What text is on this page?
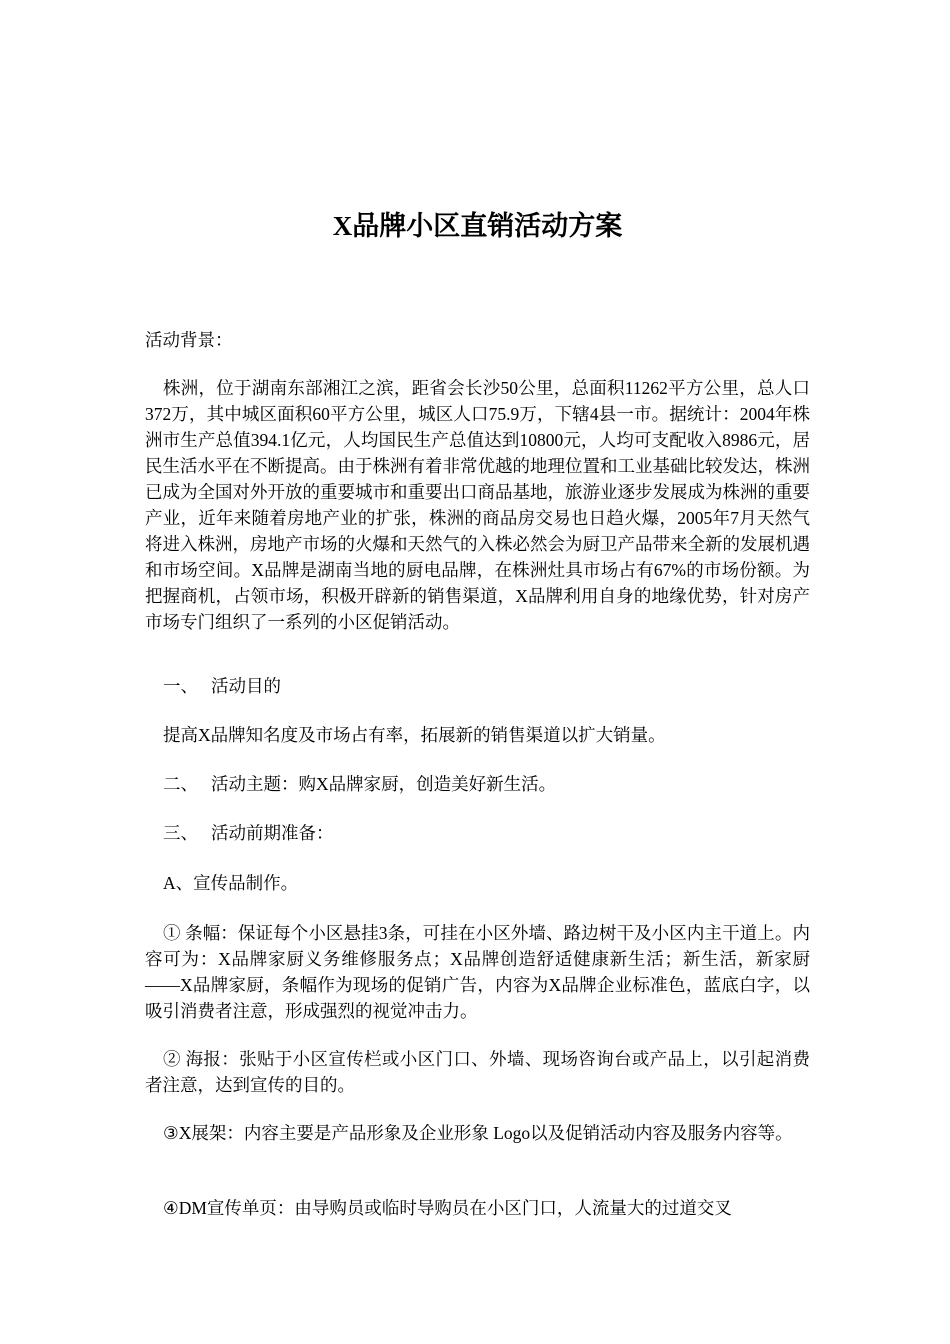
X品牌小区直销活动方案

活动背景：

株洲，位于湖南东部湘江之滨，距省会长沙50公里，总面积11262平方公里，总人口372万，其中城区面积60平方公里，城区人口75.9万，下辖4县一市。据统计：2004年株洲市生产总值394.1亿元，人均国民生产总值达到10800元，人均可支配收入8986元，居民生活水平在不断提高。由于株洲有着非常优越的地理位置和工业基础比较发达，株洲已成为全国对外开放的重要城市和重要出口商品基地，旅游业逐步发展成为株洲的重要产业，近年来随着房地产业的扩张，株洲的商品房交易也日趋火爆，2005年7月天然气将进入株洲，房地产市场的火爆和天然气的入株必然会为厨卫产品带来全新的发展机遇和市场空间。X品牌是湖南当地的厨电品牌，在株洲灶具市场占有67%的市场份额。为把握商机，占领市场，积极开辟新的销售渠道，X品牌利用自身的地缘优势，针对房产市场专门组织了一系列的小区促销活动。

一、 活动目的

提高X品牌知名度及市场占有率，拓展新的销售渠道以扩大销量。

二、 活动主题：购X品牌家厨，创造美好新生活。

三、 活动前期准备：

A、宣传品制作。

① 条幅：保证每个小区悬挂3条，可挂在小区外墙、路边树干及小区内主干道上。内容可为：X品牌家厨义务维修服务点；X品牌创造舒适健康新生活；新生活，新家厨——X品牌家厨，条幅作为现场的促销广告，内容为X品牌企业标准色，蓝底白字，以吸引消费者注意，形成强烈的视觉冲击力。

② 海报：张贴于小区宣传栏或小区门口、外墙、现场咨询台或产品上，以引起消费者注意，达到宣传的目的。

③X展架：内容主要是产品形象及企业形象 Logo以及促销活动内容及服务内容等。

④DM宣传单页：由导购员或临时导购员在小区门口，人流量大的过道交叉
